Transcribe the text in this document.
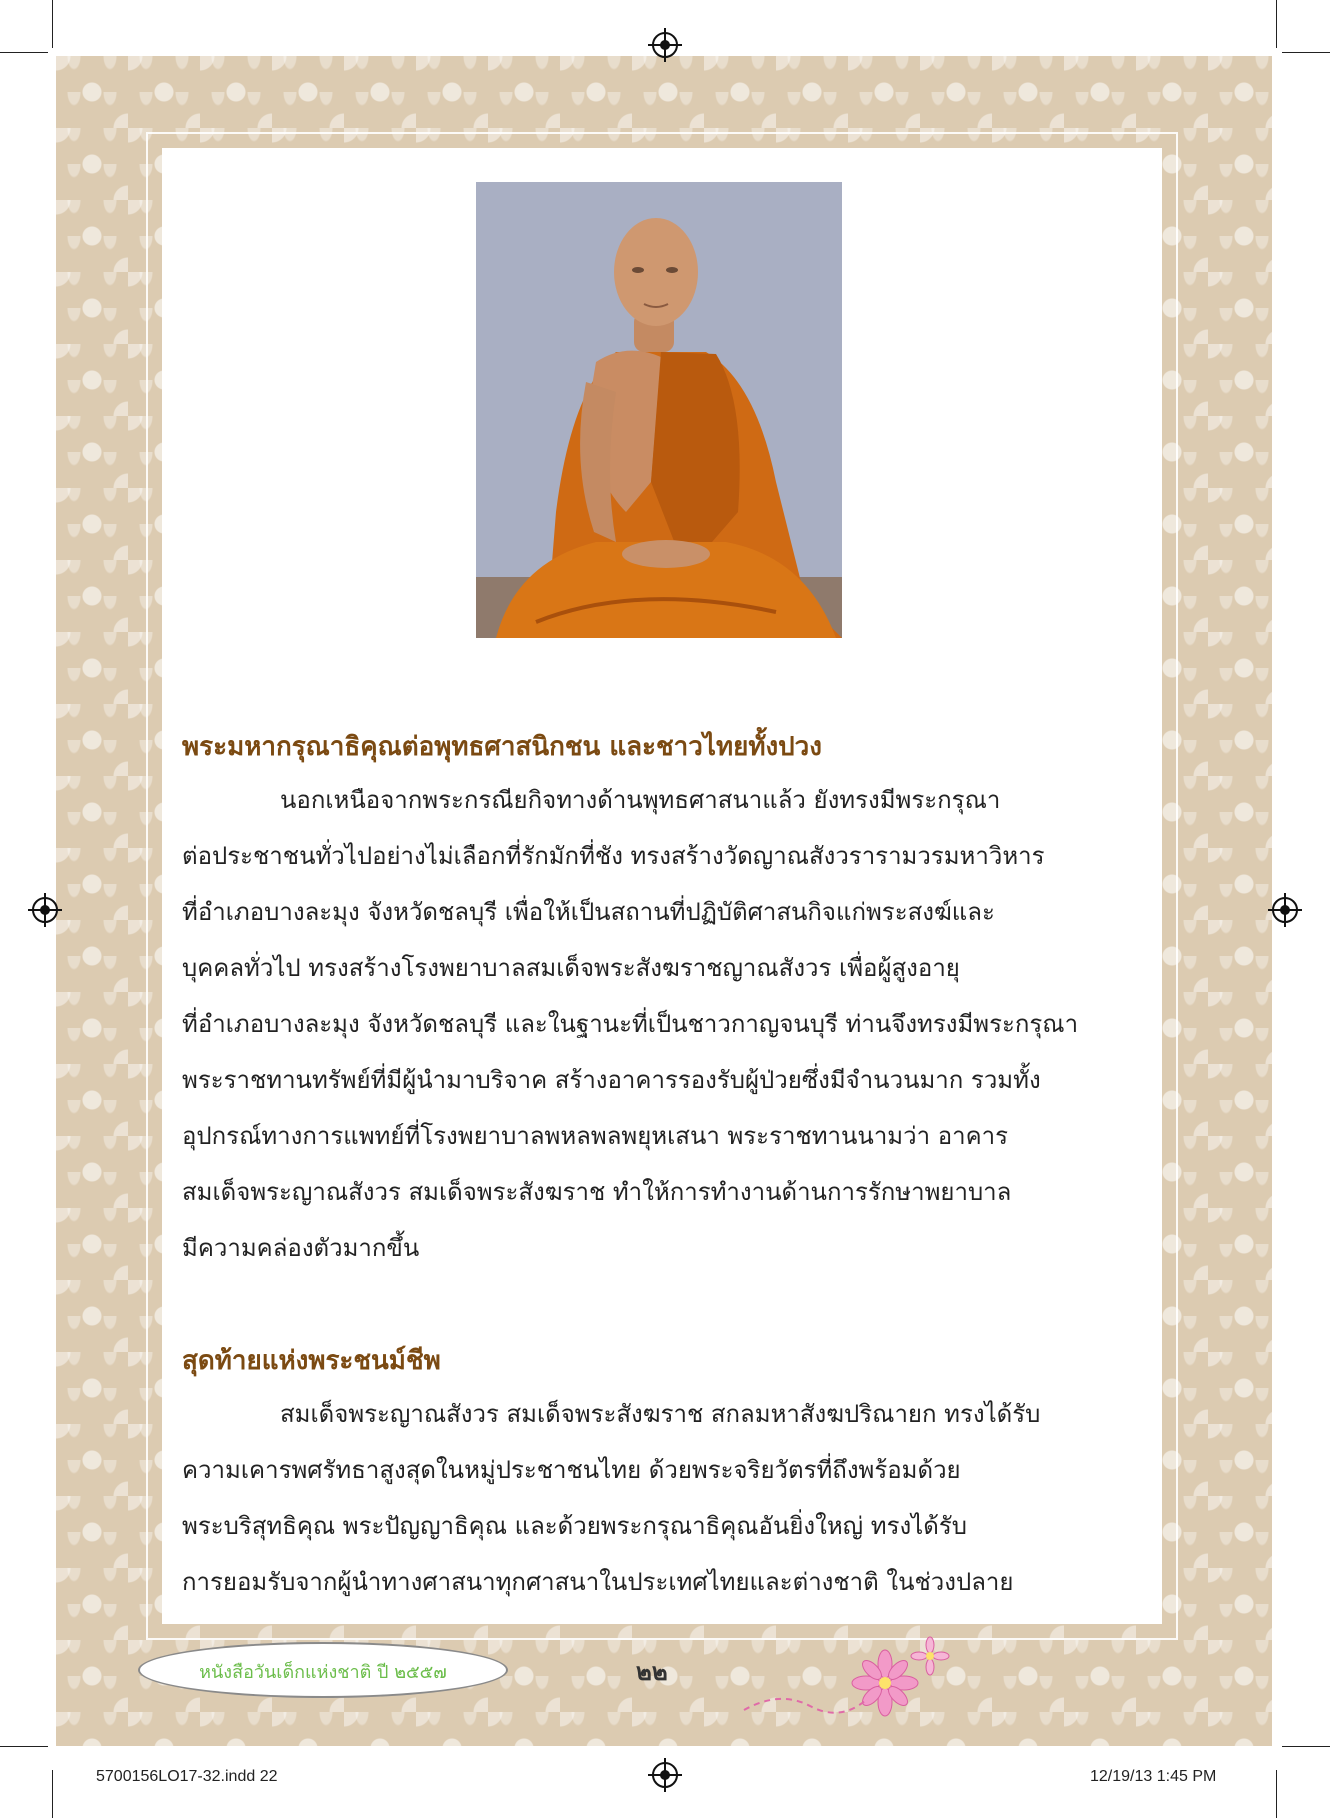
พระมหากรุณาธิคุณต่อพุทธศาสนิกชน และชาวไทยทั้งปวง
นอกเหนือจากพระกรณียกิจทางด้านพุทธศาสนาแล้ว ยังทรงมีพระกรุณา
ต่อประชาชนทั่วไปอย่างไม่เลือกที่รักมักที่ชัง ทรงสร้างวัดญาณสังวรารามวรมหาวิหาร
ที่อำเภอบางละมุง จังหวัดชลบุรี เพื่อให้เป็นสถานที่ปฏิบัติศาสนกิจแก่พระสงฆ์และ
บุคคลทั่วไป ทรงสร้างโรงพยาบาลสมเด็จพระสังฆราชญาณสังวร เพื่อผู้สูงอายุ
ที่อำเภอบางละมุง จังหวัดชลบุรี และในฐานะที่เป็นชาวกาญจนบุรี ท่านจึงทรงมีพระกรุณา
พระราชทานทรัพย์ที่มีผู้นำมาบริจาค สร้างอาคารรองรับผู้ป่วยซึ่งมีจำนวนมาก รวมทั้ง
อุปกรณ์ทางการแพทย์ที่โรงพยาบาลพหลพลพยุหเสนา พระราชทานนามว่า อาคาร
สมเด็จพระญาณสังวร สมเด็จพระสังฆราช ทำให้การทำงานด้านการรักษาพยาบาล
มีความคล่องตัวมากขึ้น
สุดท้ายแห่งพระชนม์ชีพ
สมเด็จพระญาณสังวร สมเด็จพระสังฆราช สกลมหาสังฆปริณายก ทรงได้รับ
ความเคารพศรัทธาสูงสุดในหมู่ประชาชนไทย ด้วยพระจริยวัตรที่ถึงพร้อมด้วย
พระบริสุทธิคุณ พระปัญญาธิคุณ และด้วยพระกรุณาธิคุณอันยิ่งใหญ่ ทรงได้รับ
การยอมรับจากผู้นำทางศาสนาทุกศาสนาในประเทศไทยและต่างชาติ ในช่วงปลาย
หนังสือวันเด็กแห่งชาติ ปี ๒๕๕๗	๒๒
5700156LO17-32.indd 22	12/19/13 1:45 PM
